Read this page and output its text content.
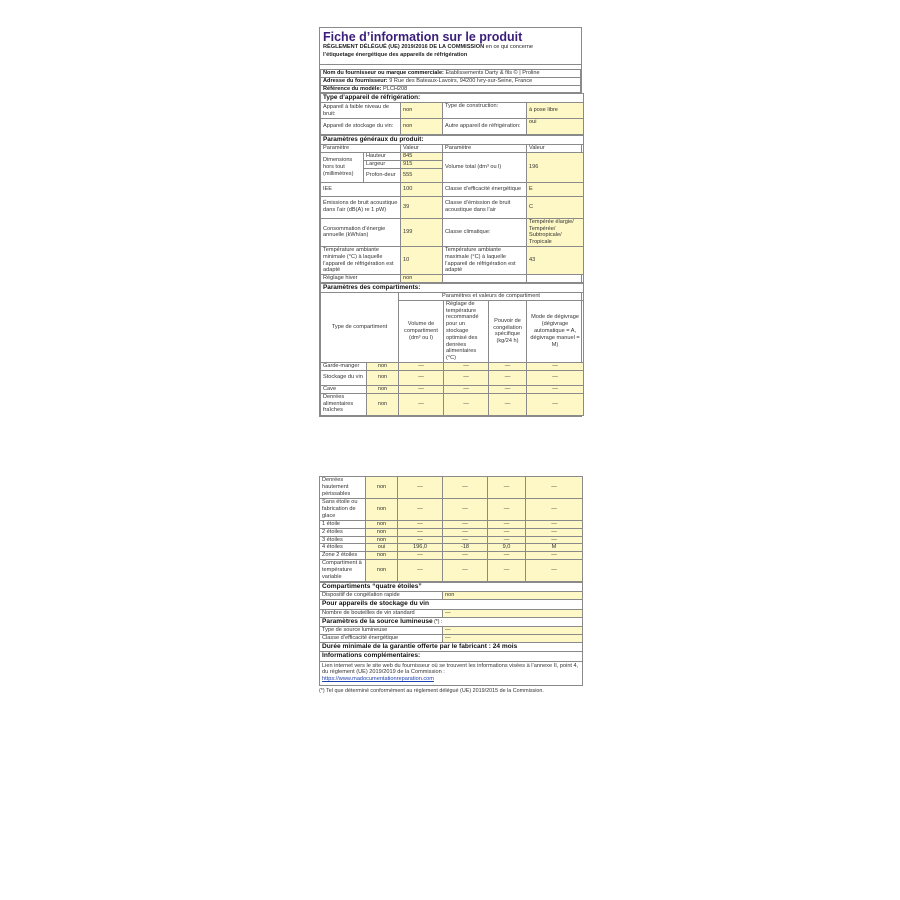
Fiche d’information sur le produit
RÈGLEMENT DÉLÉGUÉ (UE) 2019/2016 DE LA COMMISSION en ce qui concerne
l’étiquetage énergétique des appareils de réfrigération
Nom du fournisseur ou marque commerciale: Etablissements Darty & fils © | Proline
Adresse du fournisseur: 9 Rue des Bateaux-Lavoirs, 94200 Ivry-sur-Seine, France
Référence du modèle: PLCH208
Type d’appareil de réfrigération:			
Appareil à faible niveau de bruit:	non	Type de construction:	à pose libre
Appareil de stockage du vin:	non	Autre appareil de réfrigération:	oui
Paramètres généraux du produit:				
Paramètre		Valeur	Paramètre	Valeur
Dimensions hors tout (millimètres)	Hauteur	845	Volume total (dm³ ou l)	196
	Largeur	915		
	Profon-deur	555		
IEE		100	Classe d’efficacité énergétique	E
Émissions de bruit acoustique dans l’air (dB(A) re 1 pW)		39	Classe d’émission de bruit acoustique dans l’air	C
Consommation d’énergie annuelle (kWh/an)		199	Classe climatique:	Tempérée élargie/ Tempérée/ Subtropicale/ Tropicale
Température ambiante minimale (°C) à laquelle l’appareil de réfrigération est adapté		10	Température ambiante maximale (°C) à laquelle l’appareil de réfrigération est adapté	43
Réglage hiver		non		
Paramètres des compartiments:					
Type de compartiment		Paramètres et valeurs de compartiment			
		Volume de compartiment (dm³ ou l)	Réglage de température recommandé pour un stockage optimisé des denrées alimentaires (°C)	Pouvoir de congélation spécifique (kg/24 h)	Mode de dégivrage (dégivrage automatique = A, dégivrage manuel = M)
Garde-manger	non	—	—	—	—
Stockage du vin	non	—	—	—	—
Cave	non	—	—	—	—
Denrées alimentaires fraîches	non	—	—	—	—
Denrées hautement périssables	non	—	—	—	—
Sans étoile ou fabrication de glace	non	—	—	—	—
1 étoile	non	—	—	—	—
2 étoiles	non	—	—	—	—
3 étoiles	non	—	—	—	—
4 étoiles	oui	196,0	-18	9,0	M
Zone 2 étoiles	non	—	—	—	—
Compartiment à température variable	non	—	—	—	—
Compartiments “quatre étoiles”	
Dispositif de congélation rapide	non
Pour appareils de stockage du vin	
Nombre de bouteilles de vin standard	—
Paramètres de la source lumineuse (*) :	
Type de source lumineuse	—
Classe d’efficacité énergétique	—
Durée minimale de la garantie offerte par le fabricant : 24 mois	
Informations complémentaires:	
Lien internet vers le site web du fournisseur où se trouvent les informations visées à l’annexe II, point 4, du règlement (UE) 2019/2019 de la Commission :
https://www.madocumentationreparation.com	
(*) Tel que déterminé conformément au règlement délégué (UE) 2019/2015 de la Commission.
